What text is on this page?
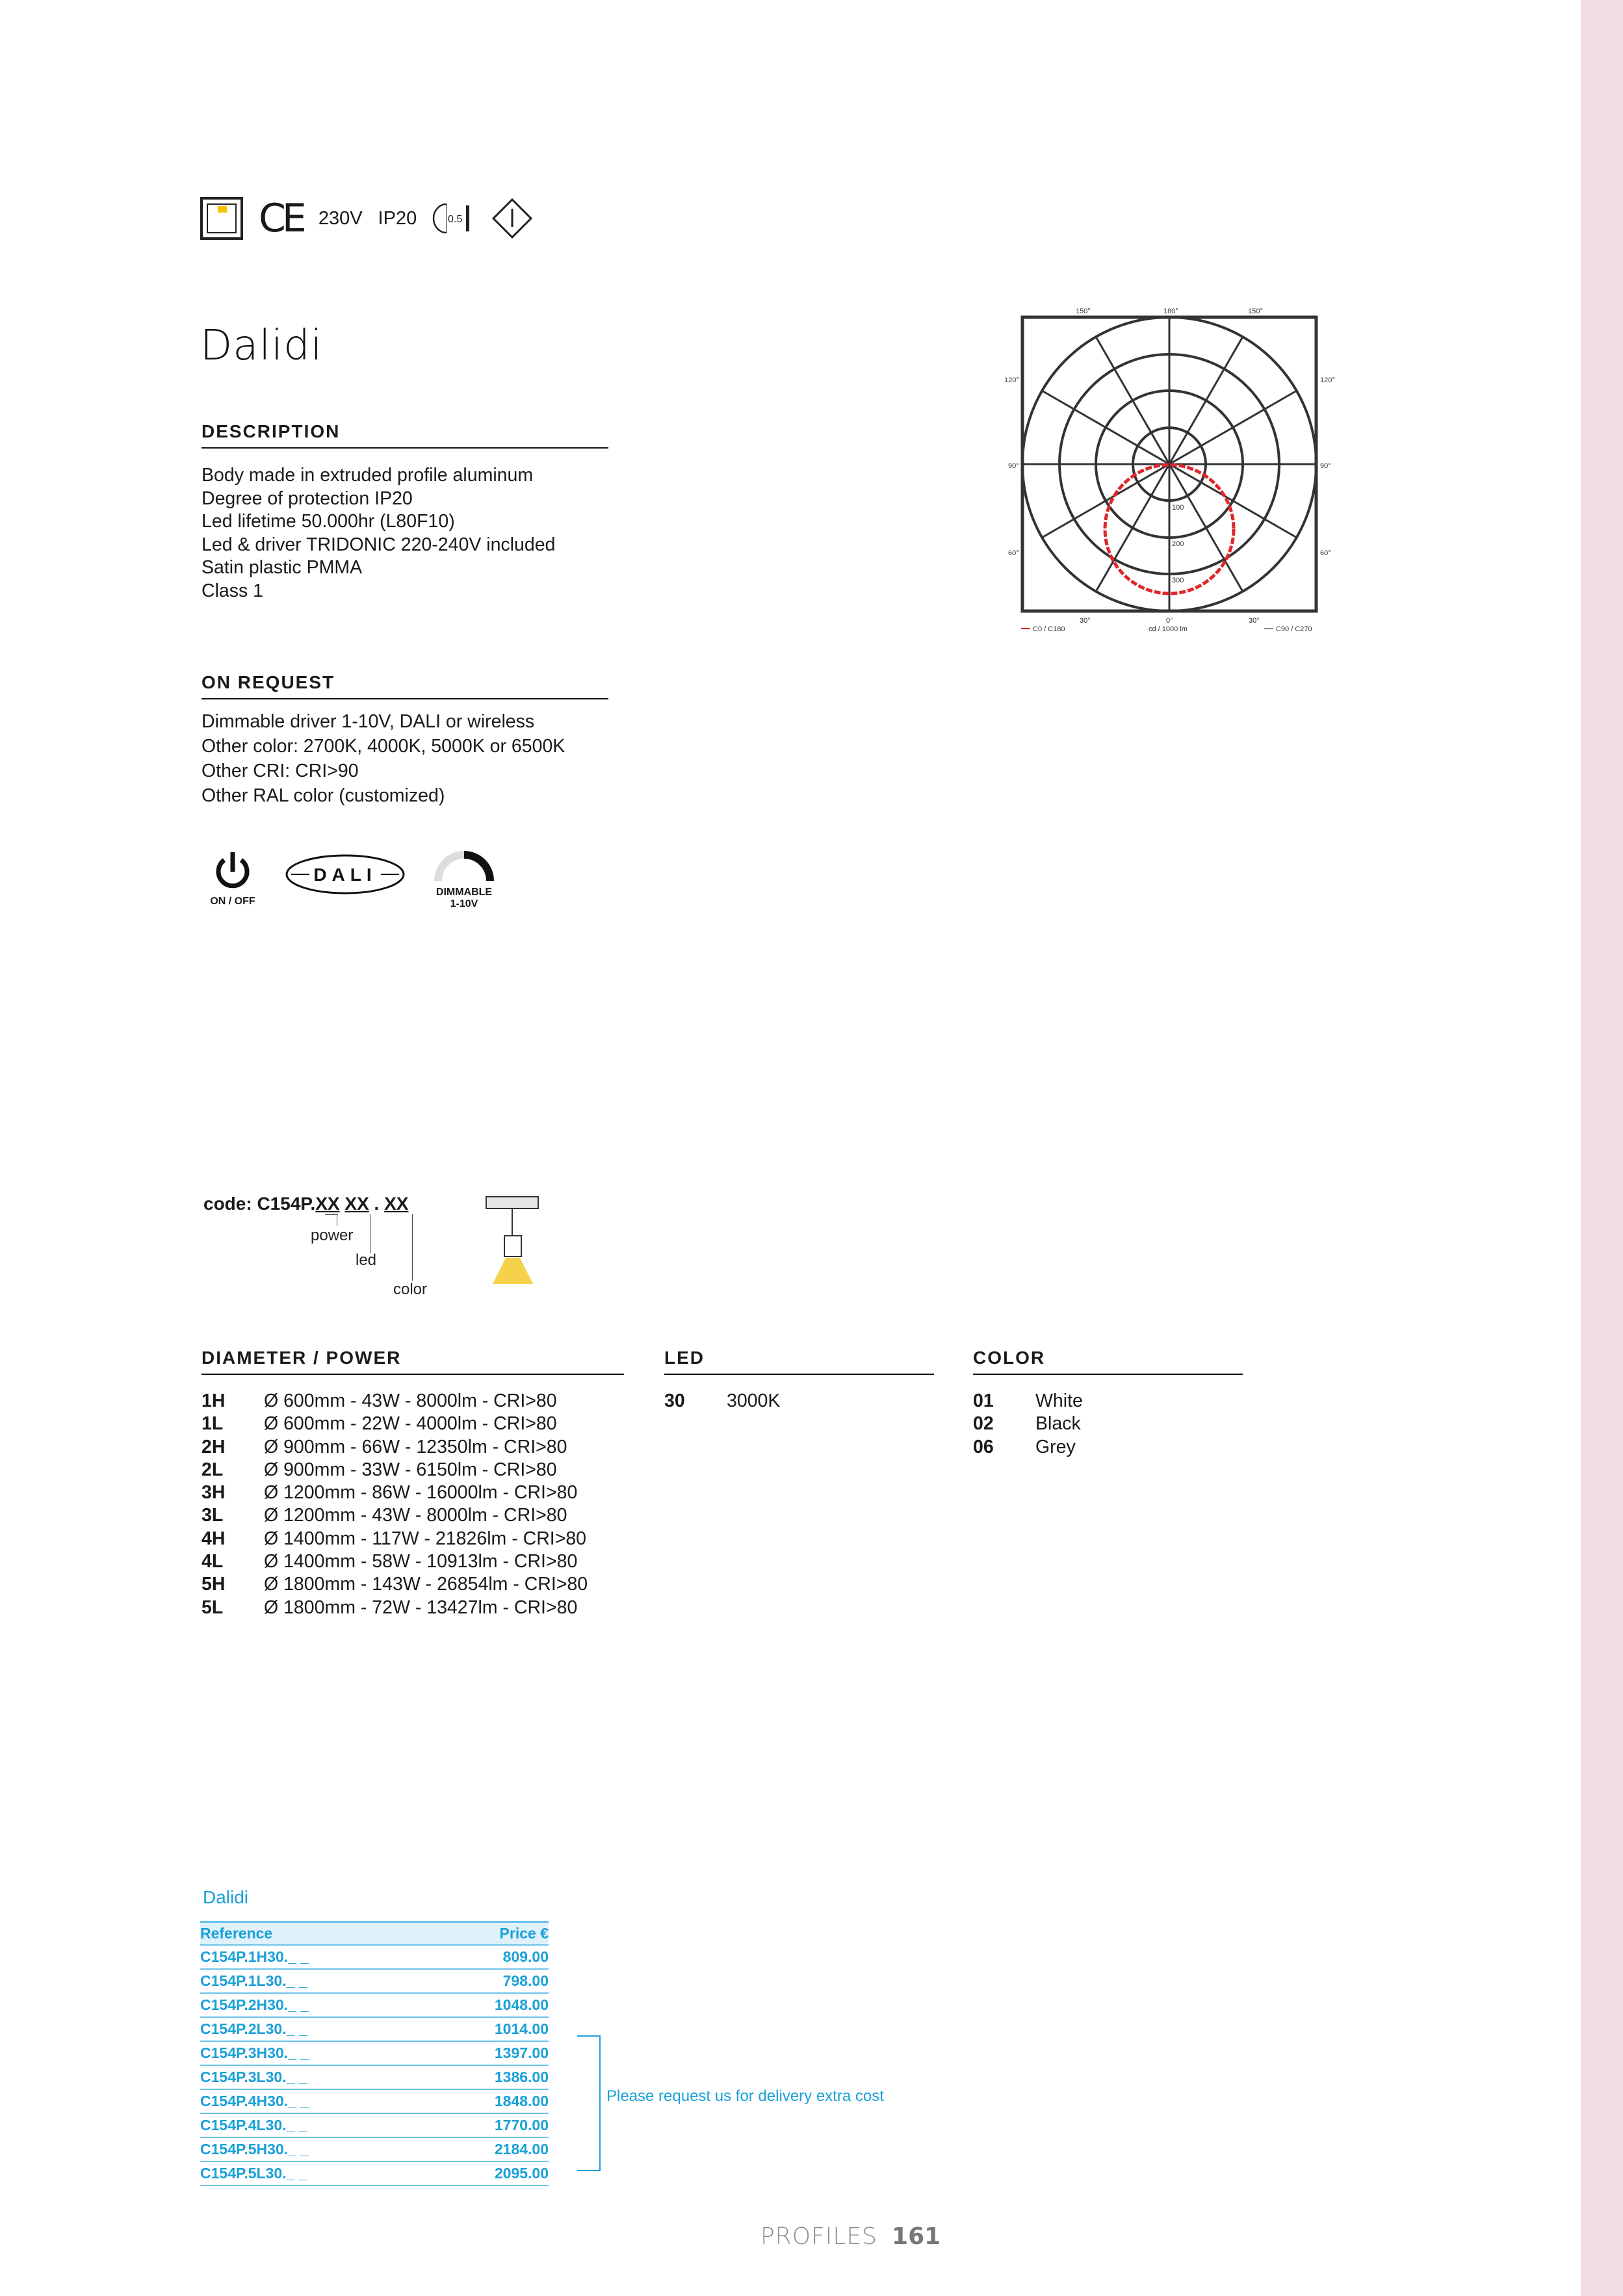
CE 230V IP20	0.5
Dalidi
DESCRIPTION
Body made in extruded profile aluminum
Degree of protection IP20
Led lifetime 50.000hr (L80F10)
Led & driver TRIDONIC 220-240V included
Satin plastic PMMA
Class 1
ON REQUEST
Dimmable driver 1-10V, DALI or wireless
Other color: 2700K, 4000K, 5000K or 6500K
Other CRI: CRI>90
Other RAL color (customized)
ON / OFF
DALI
DIMMABLE
1-10V
150°	180°	150°
120°	120°
90°	90°
60°	60°
30°	0°	30°
100
200
300
C0 / C180	cd / 1000 lm	C90 / C270
code: C154P.XX XX . XX
power
led
color
DIAMETER / POWER
1H	Ø 600mm - 43W - 8000lm - CRI>80
1L	Ø 600mm - 22W - 4000lm - CRI>80
2H	Ø 900mm - 66W - 12350lm - CRI>80
2L	Ø 900mm - 33W - 6150lm - CRI>80
3H	Ø 1200mm - 86W - 16000lm - CRI>80
3L	Ø 1200mm - 43W - 8000lm - CRI>80
4H	Ø 1400mm - 117W - 21826lm - CRI>80
4L	Ø 1400mm - 58W - 10913lm - CRI>80
5H	Ø 1800mm - 143W - 26854lm - CRI>80
5L	Ø 1800mm - 72W - 13427lm - CRI>80
LED
30	3000K
COLOR
01	White
02	Black
06	Grey
Dalidi
Reference	Price €
C154P.1H30._ _	809.00
C154P.1L30._ _	798.00
C154P.2H30._ _	1048.00
C154P.2L30._ _	1014.00
C154P.3H30._ _	1397.00
C154P.3L30._ _	1386.00
C154P.4H30._ _	1848.00
C154P.4L30._ _	1770.00
C154P.5H30._ _	2184.00
C154P.5L30._ _	2095.00
Please request us for delivery extra cost
PROFILES 161
